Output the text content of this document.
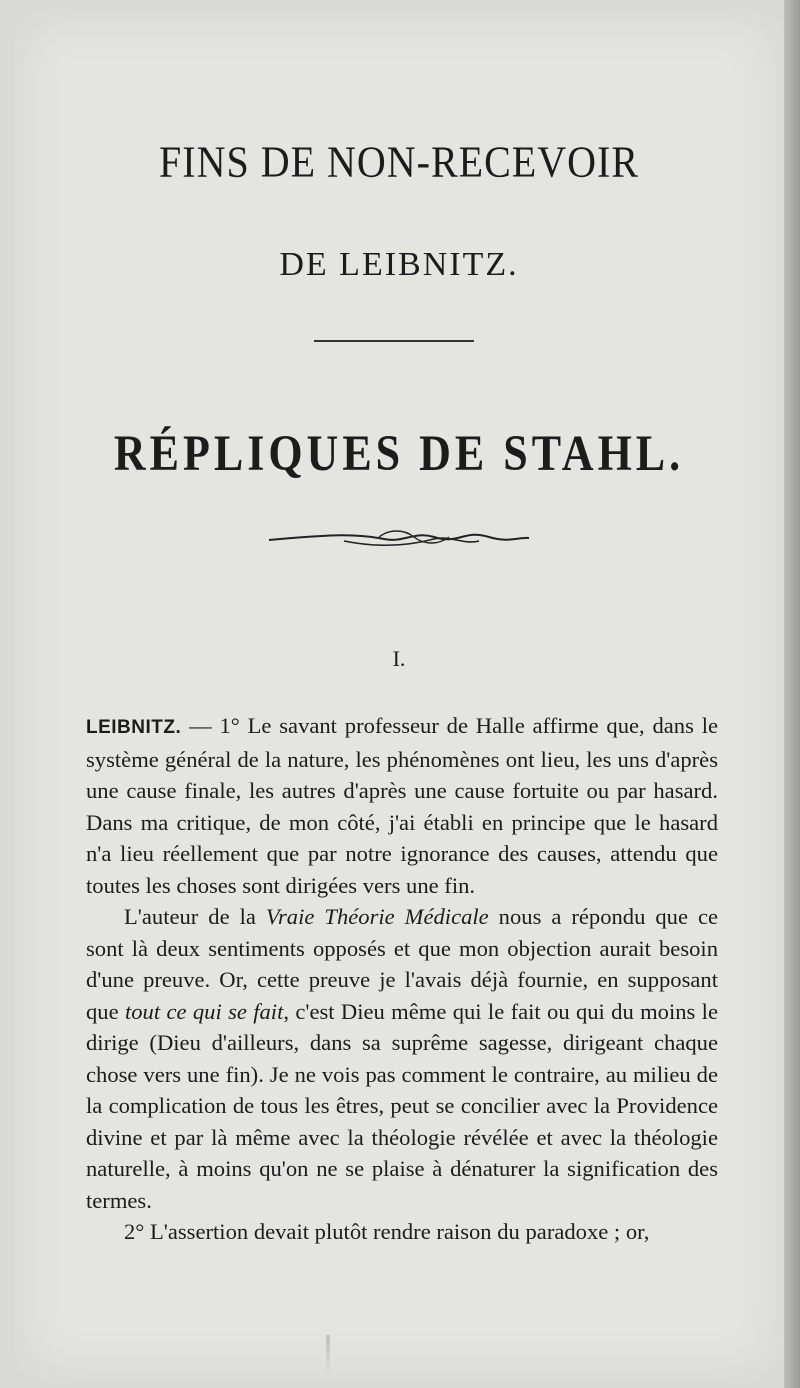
FINS DE NON-RECEVOIR
DE LEIBNITZ.
RÉPLIQUES DE STAHL.
I.

LEIBNITZ. — 1° Le savant professeur de Halle affirme que, dans le système général de la nature, les phénomènes ont lieu, les uns d'après une cause finale, les autres d'après une cause fortuite ou par hasard. Dans ma critique, de mon côté, j'ai établi en principe que le hasard n'a lieu réellement que par notre ignorance des causes, attendu que toutes les choses sont dirigées vers une fin.

L'auteur de la Vraie Théorie Médicale nous a répondu que ce sont là deux sentiments opposés et que mon objection aurait besoin d'une preuve. Or, cette preuve je l'avais déjà fournie, en supposant que tout ce qui se fait, c'est Dieu même qui le fait ou qui du moins le dirige (Dieu d'ailleurs, dans sa suprême sagesse, dirigeant chaque chose vers une fin). Je ne vois pas comment le contraire, au milieu de la complication de tous les êtres, peut se concilier avec la Providence divine et par là même avec la théologie révélée et avec la théologie naturelle, à moins qu'on ne se plaise à dénaturer la signification des termes.

2° L'assertion devait plutôt rendre raison du paradoxe ; or,
